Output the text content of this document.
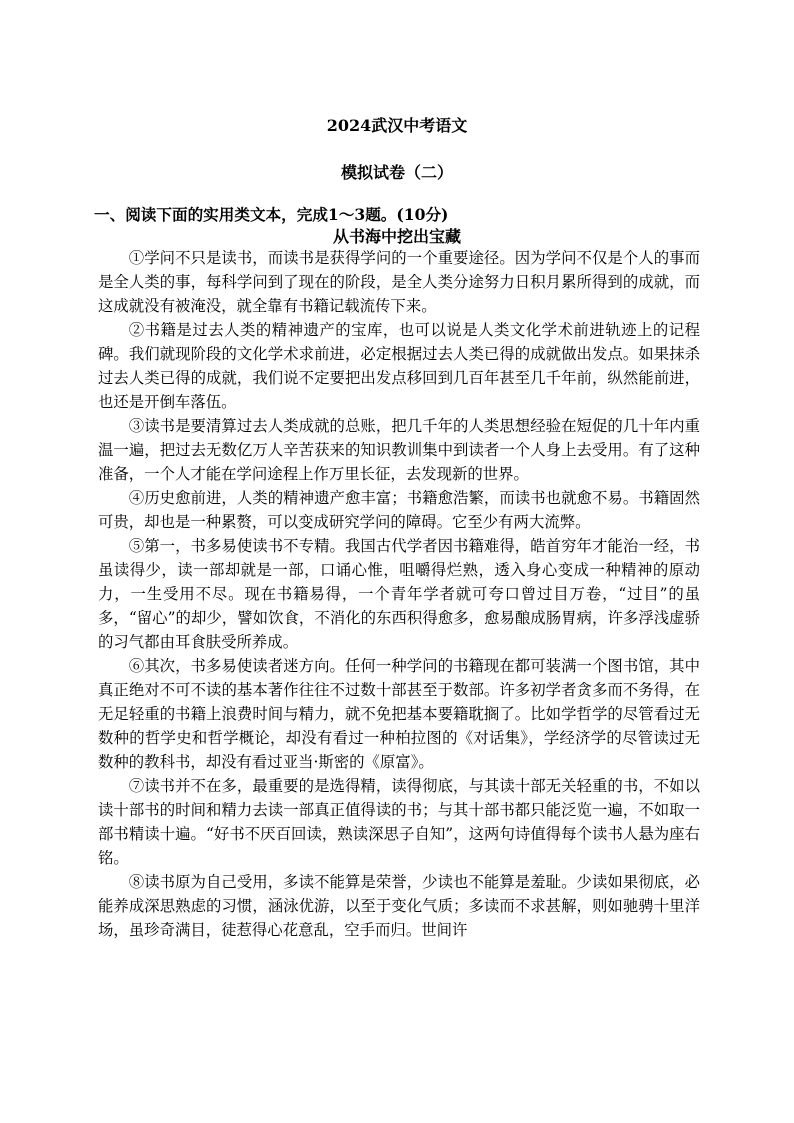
2024武汉中考语文
模拟试卷（二）
一、阅读下面的实用类文本，完成1～3题。(10分)
从书海中挖出宝藏

①学问不只是读书，而读书是获得学问的一个重要途径。因为学问不仅是个人的事而是全人类的事，每科学问到了现在的阶段，是全人类分途努力日积月累所得到的成就，而这成就没有被淹没，就全靠有书籍记载流传下来。

②书籍是过去人类的精神遗产的宝库，也可以说是人类文化学术前进轨迹上的记程碑。我们就现阶段的文化学术求前进，必定根据过去人类已得的成就做出发点。如果抹杀过去人类已得的成就，我们说不定要把出发点移回到几百年甚至几千年前，纵然能前进，也还是开倒车落伍。

③读书是要清算过去人类成就的总账，把几千年的人类思想经验在短促的几十年内重温一遍，把过去无数亿万人辛苦获来的知识教训集中到读者一个人身上去受用。有了这种准备，一个人才能在学问途程上作万里长征，去发现新的世界。

④历史愈前进，人类的精神遗产愈丰富；书籍愈浩繁，而读书也就愈不易。书籍固然可贵，却也是一种累赘，可以变成研究学问的障碍。它至少有两大流弊。

⑤第一，书多易使读书不专精。我国古代学者因书籍难得，皓首穷年才能治一经，书虽读得少，读一部却就是一部，口诵心惟，咀嚼得烂熟，透入身心变成一种精神的原动力，一生受用不尽。现在书籍易得，一个青年学者就可夸口曾过目万卷，“过目”的虽多，“留心”的却少，譬如饮食，不消化的东西积得愈多，愈易酿成肠胃病，许多浮浅虚骄的习气都由耳食肤受所养成。

⑥其次，书多易使读者迷方向。任何一种学问的书籍现在都可装满一个图书馆，其中真正绝对不可不读的基本著作往往不过数十部甚至于数部。许多初学者贪多而不务得，在无足轻重的书籍上浪费时间与精力，就不免把基本要籍耽搁了。比如学哲学的尽管看过无数种的哲学史和哲学概论，却没有看过一种柏拉图的《对话集》，学经济学的尽管读过无数种的教科书，却没有看过亚当·斯密的《原富》。

⑦读书并不在多，最重要的是选得精，读得彻底，与其读十部无关轻重的书，不如以读十部书的时间和精力去读一部真正值得读的书；与其十部书都只能泛览一遍，不如取一部书精读十遍。“好书不厌百回读，熟读深思子自知”，这两句诗值得每个读书人悬为座右铭。

⑧读书原为自己受用，多读不能算是荣誉，少读也不能算是羞耻。少读如果彻底，必能养成深思熟虑的习惯，涵泳优游，以至于变化气质；多读而不求甚解，则如驰骋十里洋场，虽珍奇满目，徒惹得心花意乱，空手而归。世间许
